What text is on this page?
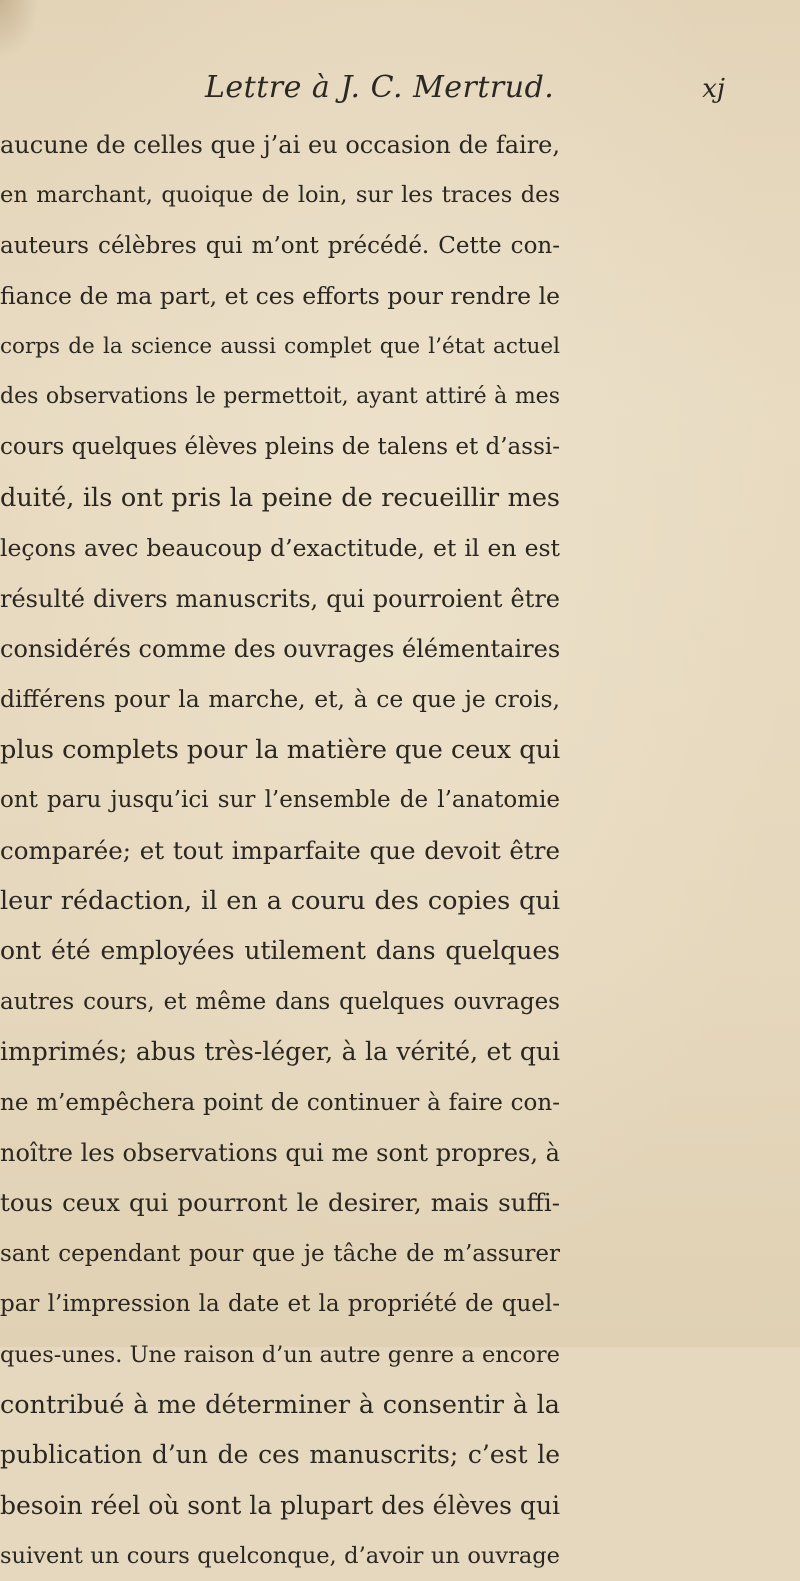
Lettre à J. C. Mertrud.	xj
aucune de celles que j’ai eu occasion de faire,
en marchant, quoique de loin, sur les traces des
auteurs célèbres qui m’ont précédé. Cette con-
fiance de ma part, et ces efforts pour rendre le
corps de la science aussi complet que l’état actuel
des observations le permettoit, ayant attiré à mes
cours quelques élèves pleins de talens et d’assi-
duité, ils ont pris la peine de recueillir mes
leçons avec beaucoup d’exactitude, et il en est
résulté divers manuscrits, qui pourroient être
considérés comme des ouvrages élémentaires
différens pour la marche, et, à ce que je crois,
plus complets pour la matière que ceux qui
ont paru jusqu’ici sur l’ensemble de l’anatomie
comparée; et tout imparfaite que devoit être
leur rédaction, il en a couru des copies qui
ont été employées utilement dans quelques
autres cours, et même dans quelques ouvrages
imprimés; abus très-léger, à la vérité, et qui
ne m’empêchera point de continuer à faire con-
noître les observations qui me sont propres, à
tous ceux qui pourront le desirer, mais suffi-
sant cependant pour que je tâche de m’assurer
par l’impression la date et la propriété de quel-
ques-unes. Une raison d’un autre genre a encore
contribué à me déterminer à consentir à la
publication d’un de ces manuscrits; c’est le
besoin réel où sont la plupart des élèves qui
suivent un cours quelconque, d’avoir un ouvrage
